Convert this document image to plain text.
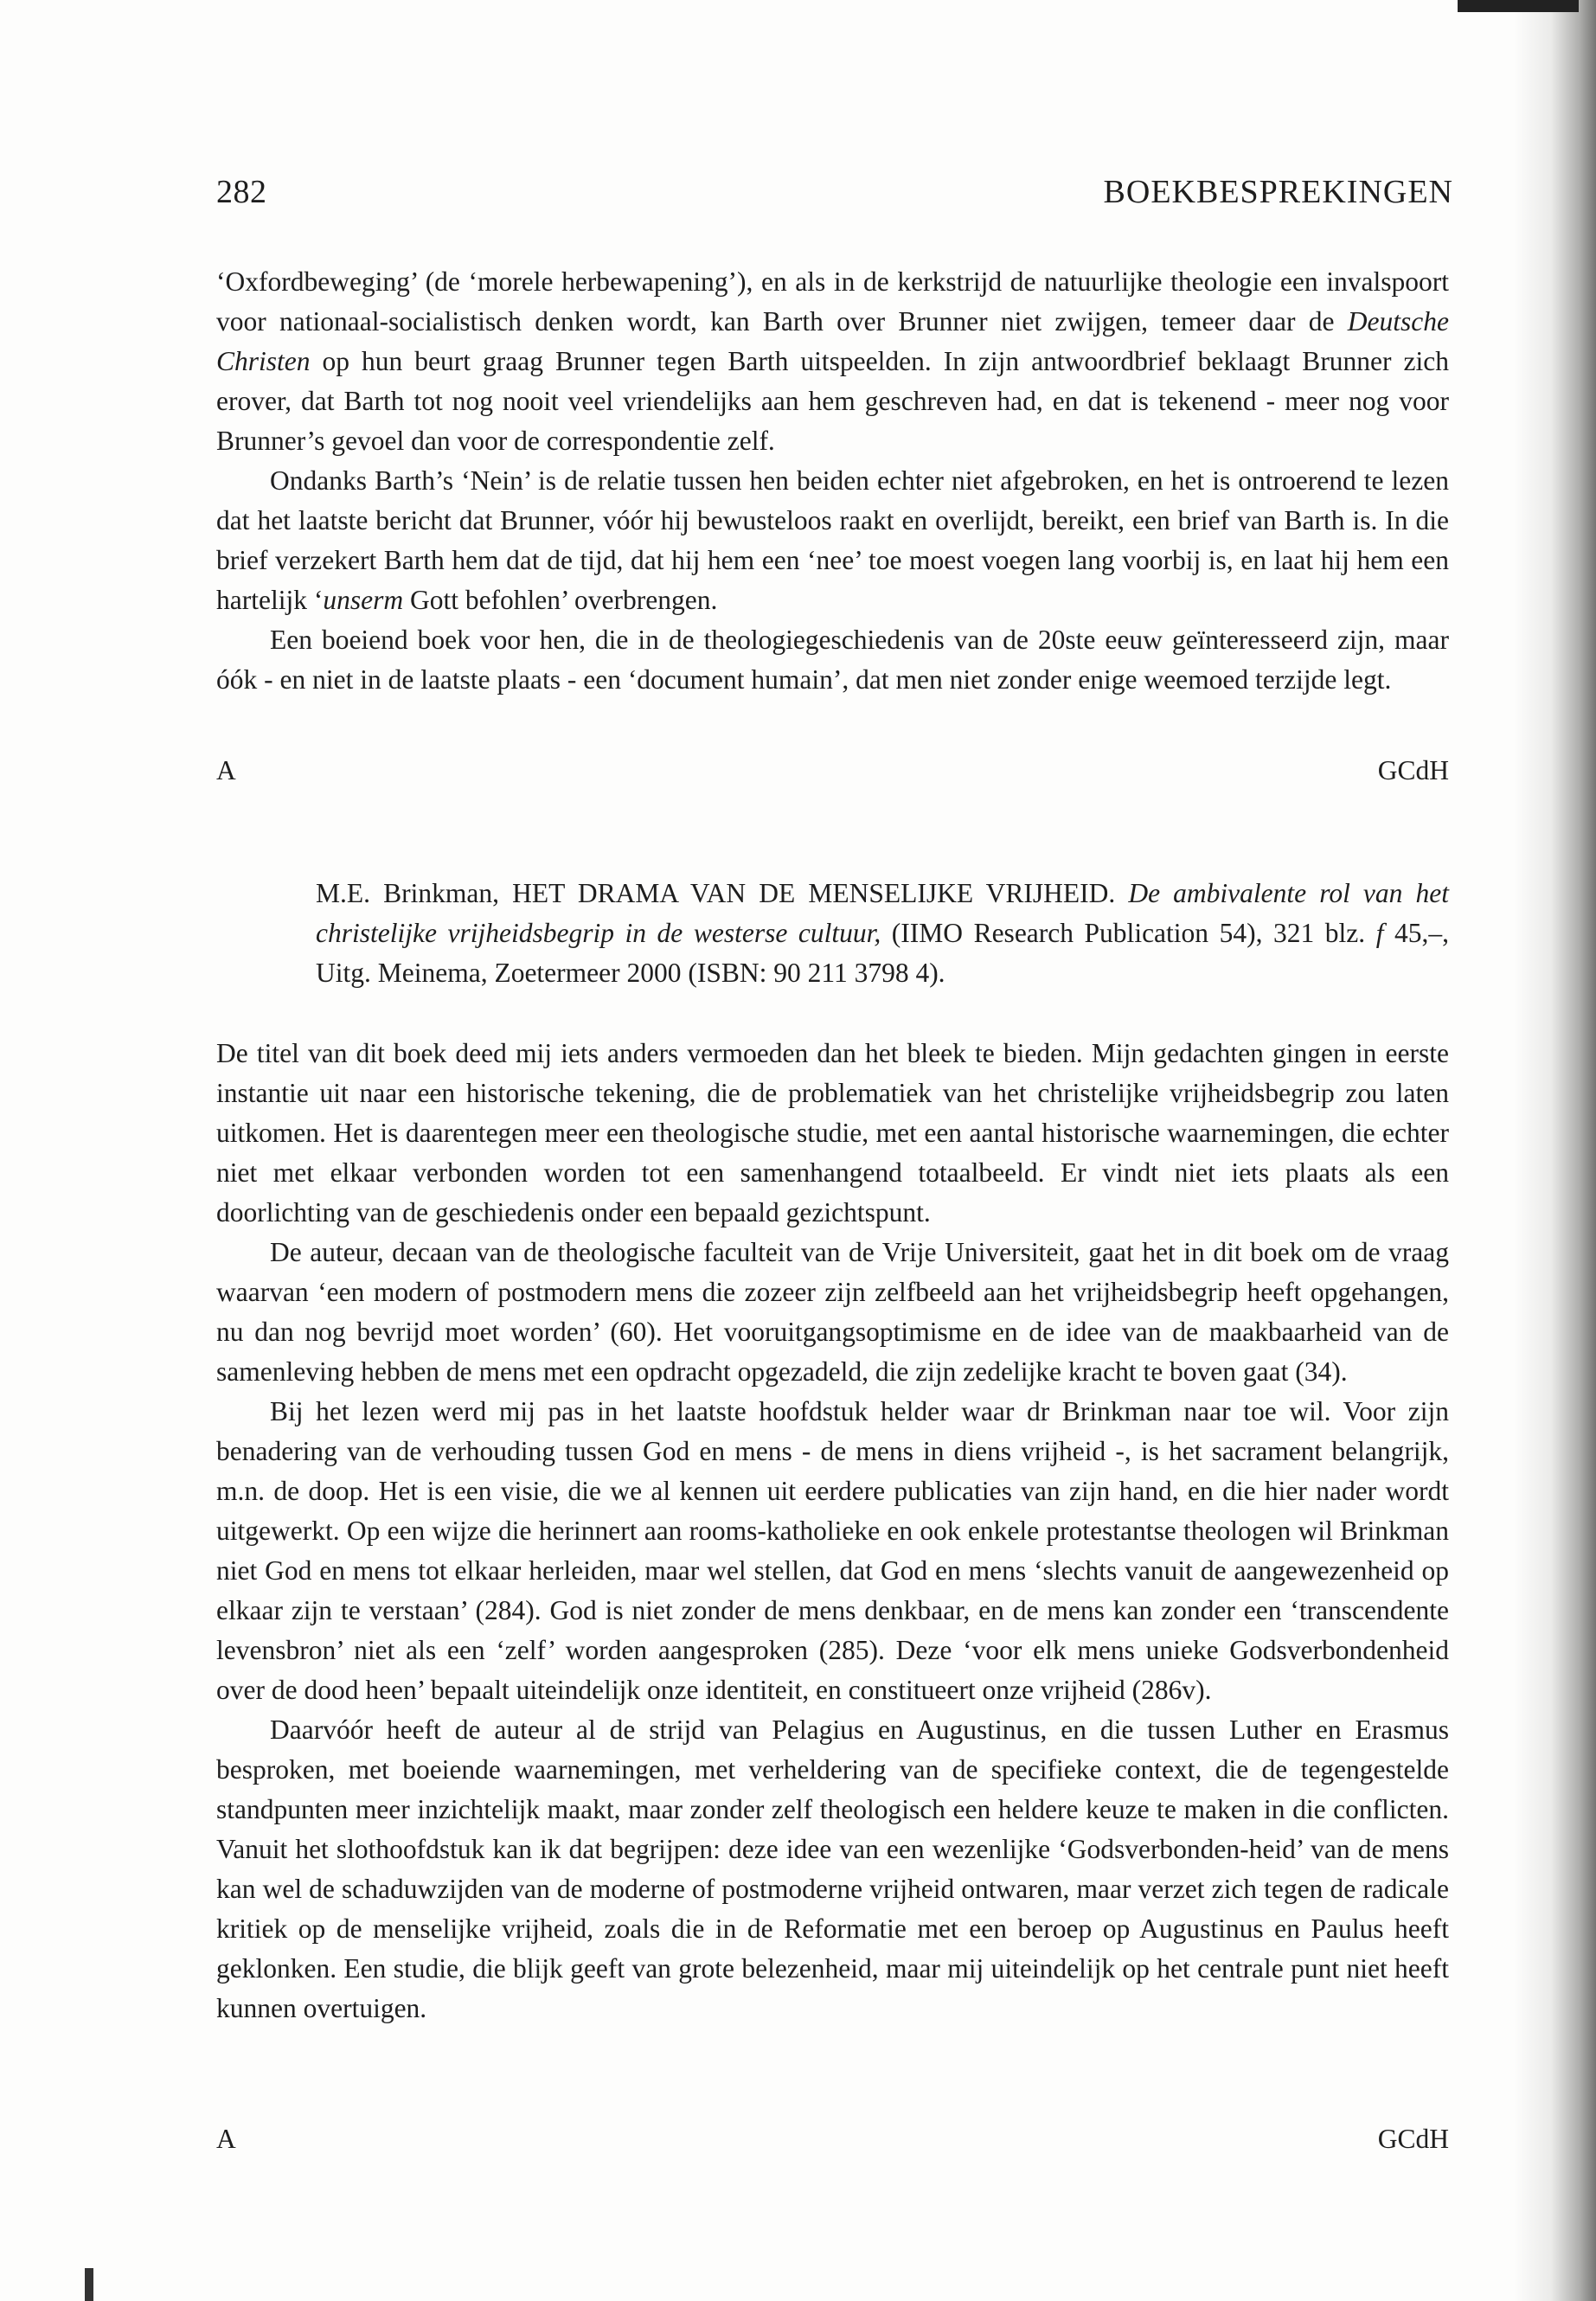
282	BOEKBESPREKINGEN

‘Oxfordbeweging’ (de ‘morele herbewapening’), en als in de kerkstrijd de natuurlijke theologie een invalspoort voor nationaal-socialistisch denken wordt, kan Barth over Brunner niet zwijgen, temeer daar de Deutsche Christen op hun beurt graag Brunner tegen Barth uitspeelden. In zijn antwoordbrief beklaagt Brunner zich erover, dat Barth tot nog nooit veel vriendelijks aan hem geschreven had, en dat is tekenend - meer nog voor Brunner’s gevoel dan voor de correspondentie zelf.

Ondanks Barth’s ‘Nein’ is de relatie tussen hen beiden echter niet afgebroken, en het is ontroerend te lezen dat het laatste bericht dat Brunner, vóór hij bewusteloos raakt en overlijdt, bereikt, een brief van Barth is. In die brief verzekert Barth hem dat de tijd, dat hij hem een ‘nee’ toe moest voegen lang voorbij is, en laat hij hem een hartelijk ‘unserm Gott befohlen’ overbrengen.

Een boeiend boek voor hen, die in de theologiegeschiedenis van de 20ste eeuw geïnteresseerd zijn, maar óók - en niet in de laatste plaats - een ‘document humain’, dat men niet zonder enige weemoed terzijde legt.

A	GCdH

M.E. Brinkman, HET DRAMA VAN DE MENSELIJKE VRIJHEID. De ambivalente rol van het christelijke vrijheidsbegrip in de westerse cultuur, (IIMO Research Publication 54), 321 blz. f 45,–, Uitg. Meinema, Zoetermeer 2000 (ISBN: 90 211 3798 4).

De titel van dit boek deed mij iets anders vermoeden dan het bleek te bieden. Mijn gedachten gingen in eerste instantie uit naar een historische tekening, die de problematiek van het christelijke vrijheidsbegrip zou laten uitkomen. Het is daarentegen meer een theologische studie, met een aantal historische waarnemingen, die echter niet met elkaar verbonden worden tot een samenhangend totaalbeeld. Er vindt niet iets plaats als een doorlichting van de geschiedenis onder een bepaald gezichtspunt.

De auteur, decaan van de theologische faculteit van de Vrije Universiteit, gaat het in dit boek om de vraag waarvan ‘een modern of postmodern mens die zozeer zijn zelfbeeld aan het vrijheidsbegrip heeft opgehangen, nu dan nog bevrijd moet worden’ (60). Het vooruitgangsoptimisme en de idee van de maakbaarheid van de samenleving hebben de mens met een opdracht opgezadeld, die zijn zedelijke kracht te boven gaat (34).

Bij het lezen werd mij pas in het laatste hoofdstuk helder waar dr Brinkman naar toe wil. Voor zijn benadering van de verhouding tussen God en mens - de mens in diens vrijheid -, is het sacrament belangrijk, m.n. de doop. Het is een visie, die we al kennen uit eerdere publicaties van zijn hand, en die hier nader wordt uitgewerkt. Op een wijze die herinnert aan rooms-katholieke en ook enkele protestantse theologen wil Brinkman niet God en mens tot elkaar herleiden, maar wel stellen, dat God en mens ‘slechts vanuit de aangewezenheid op elkaar zijn te verstaan’ (284). God is niet zonder de mens denkbaar, en de mens kan zonder een ‘transcendente levensbron’ niet als een ‘zelf’ worden aangesproken (285). Deze ‘voor elk mens unieke Godsverbondenheid over de dood heen’ bepaalt uiteindelijk onze identiteit, en constitueert onze vrijheid (286v).

Daarvóór heeft de auteur al de strijd van Pelagius en Augustinus, en die tussen Luther en Erasmus besproken, met boeiende waarnemingen, met verheldering van de specifieke context, die de tegengestelde standpunten meer inzichtelijk maakt, maar zonder zelf theologisch een heldere keuze te maken in die conflicten. Vanuit het slothoofdstuk kan ik dat begrijpen: deze idee van een wezenlijke ‘Godsverbonden-heid’ van de mens kan wel de schaduwzijden van de moderne of postmoderne vrijheid ontwaren, maar verzet zich tegen de radicale kritiek op de menselijke vrijheid, zoals die in de Reformatie met een beroep op Augustinus en Paulus heeft geklonken. Een studie, die blijk geeft van grote belezenheid, maar mij uiteindelijk op het centrale punt niet heeft kunnen overtuigen.

A	GCdH
